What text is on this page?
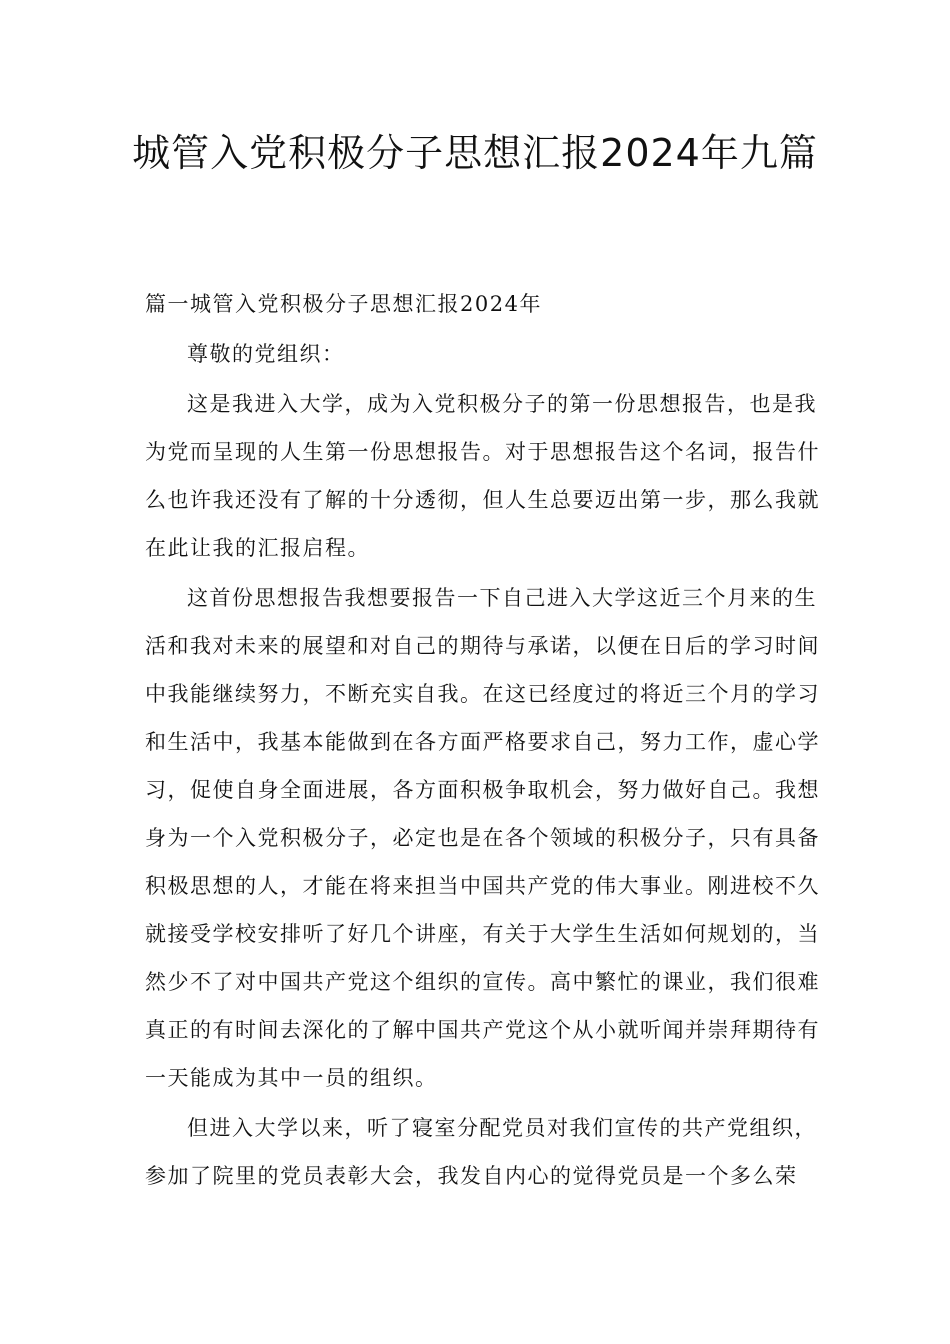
城管入党积极分子思想汇报2024年九篇

篇一城管入党积极分子思想汇报2024年

尊敬的党组织：

这是我进入大学，成为入党积极分子的第一份思想报告，也是我为党而呈现的人生第一份思想报告。对于思想报告这个名词，报告什么也许我还没有了解的十分透彻，但人生总要迈出第一步，那么我就在此让我的汇报启程。

这首份思想报告我想要报告一下自己进入大学这近三个月来的生活和我对未来的展望和对自己的期待与承诺，以便在日后的学习时间中我能继续努力，不断充实自我。在这已经度过的将近三个月的学习和生活中，我基本能做到在各方面严格要求自己，努力工作，虚心学习，促使自身全面进展，各方面积极争取机会，努力做好自己。我想身为一个入党积极分子，必定也是在各个领域的积极分子，只有具备积极思想的人，才能在将来担当中国共产党的伟大事业。刚进校不久就接受学校安排听了好几个讲座，有关于大学生生活如何规划的，当然少不了对中国共产党这个组织的宣传。高中繁忙的课业，我们很难真正的有时间去深化的了解中国共产党这个从小就听闻并崇拜期待有一天能成为其中一员的组织。

但进入大学以来，听了寝室分配党员对我们宣传的共产党组织，参加了院里的党员表彰大会，我发自内心的觉得党员是一个多么荣
